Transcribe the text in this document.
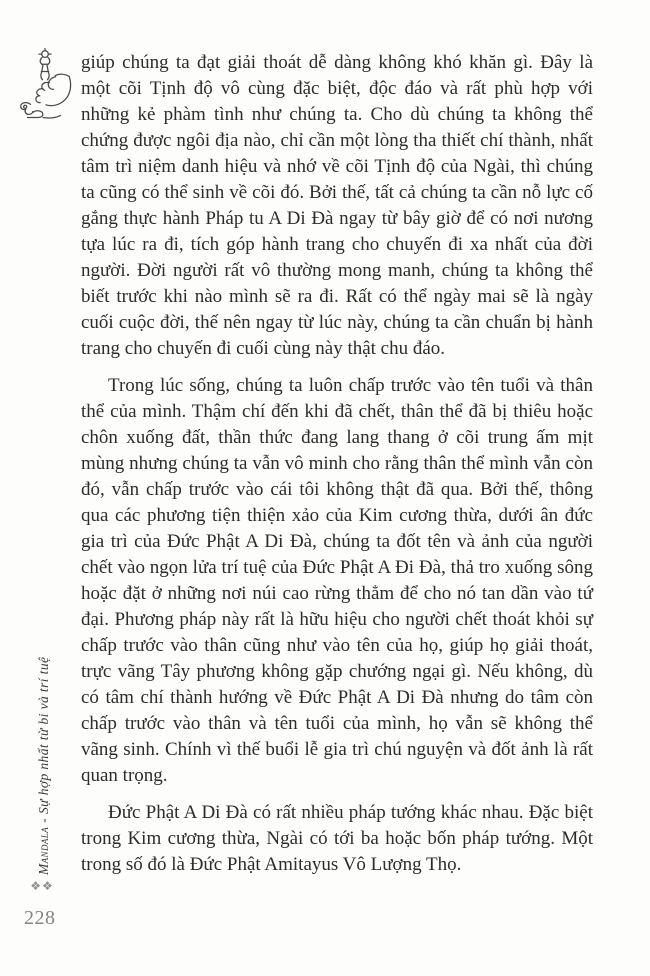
giúp chúng ta đạt giải thoát dễ dàng không khó khăn gì. Đây là một cõi Tịnh độ vô cùng đặc biệt, độc đáo và rất phù hợp với những kẻ phàm tình như chúng ta. Cho dù chúng ta không thể chứng được ngôi địa nào, chỉ cần một lòng tha thiết chí thành, nhất tâm trì niệm danh hiệu và nhớ về cõi Tịnh độ của Ngài, thì chúng ta cũng có thể sinh về cõi đó. Bởi thế, tất cả chúng ta cần nỗ lực cố gắng thực hành Pháp tu A Di Đà ngay từ bây giờ để có nơi nương tựa lúc ra đi, tích góp hành trang cho chuyến đi xa nhất của đời người. Đời người rất vô thường mong manh, chúng ta không thể biết trước khi nào mình sẽ ra đi. Rất có thể ngày mai sẽ là ngày cuối cuộc đời, thế nên ngay từ lúc này, chúng ta cần chuẩn bị hành trang cho chuyến đi cuối cùng này thật chu đáo.

Trong lúc sống, chúng ta luôn chấp trước vào tên tuổi và thân thể của mình. Thậm chí đến khi đã chết, thân thể đã bị thiêu hoặc chôn xuống đất, thần thức đang lang thang ở cõi trung ấm mịt mùng nhưng chúng ta vẫn vô minh cho rằng thân thể mình vẫn còn đó, vẫn chấp trước vào cái tôi không thật đã qua. Bởi thế, thông qua các phương tiện thiện xảo của Kim cương thừa, dưới ân đức gia trì của Đức Phật A Di Đà, chúng ta đốt tên và ảnh của người chết vào ngọn lửa trí tuệ của Đức Phật A Đi Đà, thả tro xuống sông hoặc đặt ở những nơi núi cao rừng thẳm để cho nó tan dần vào tứ đại. Phương pháp này rất là hữu hiệu cho người chết thoát khỏi sự chấp trước vào thân cũng như vào tên của họ, giúp họ giải thoát, trực vãng Tây phương không gặp chướng ngại gì. Nếu không, dù có tâm chí thành hướng về Đức Phật A Di Đà nhưng do tâm còn chấp trước vào thân và tên tuổi của mình, họ vẫn sẽ không thể vãng sinh. Chính vì thế buổi lễ gia trì chú nguyện và đốt ảnh là rất quan trọng.

Đức Phật A Di Đà có rất nhiều pháp tướng khác nhau. Đặc biệt trong Kim cương thừa, Ngài có tới ba hoặc bốn pháp tướng. Một trong số đó là Đức Phật Amitayus Vô Lượng Thọ.

Mandala-Sự hợp nhất từ bi và trí tuệ
❖❖
228
